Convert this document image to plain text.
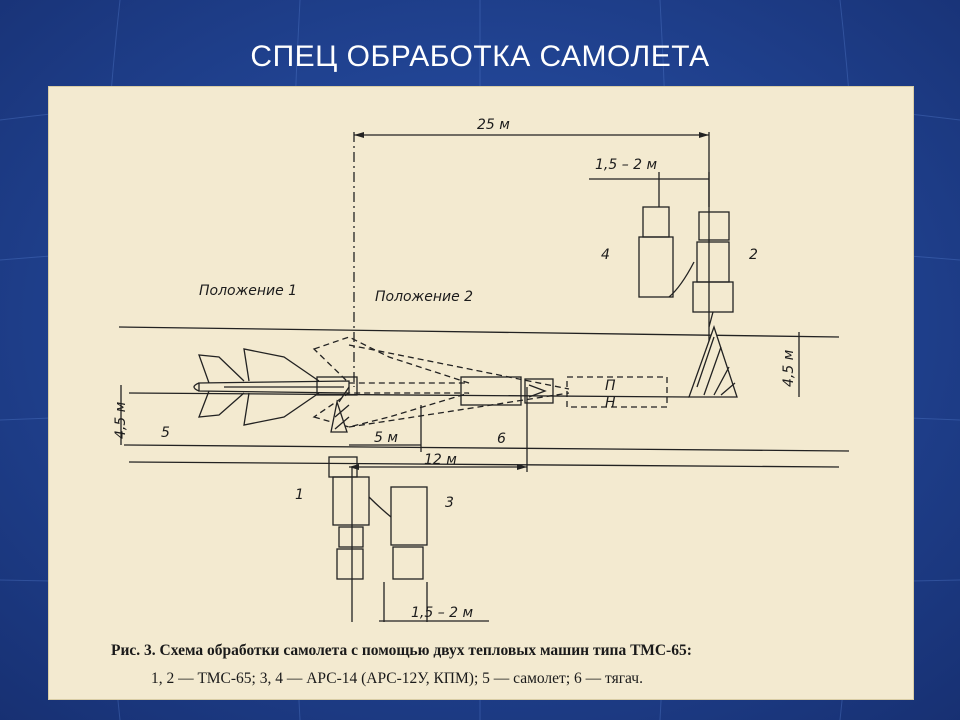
СПЕЦ ОБРАБОТКА САМОЛЕТА
25 м
1,5 – 2 м
4,5 м
4,5 м	5 м
12 м
1,5 – 2 м
Положение 1	Положение 2
1
2
3
4
5	6
П
Н
Рис. 3. Схема обработки самолета с помощью двух тепловых машин типа ТМС-65:
1, 2 — ТМС-65; 3, 4 — АРС-14 (АРС-12У, КПМ); 5 — самолет; 6 — тягач.
